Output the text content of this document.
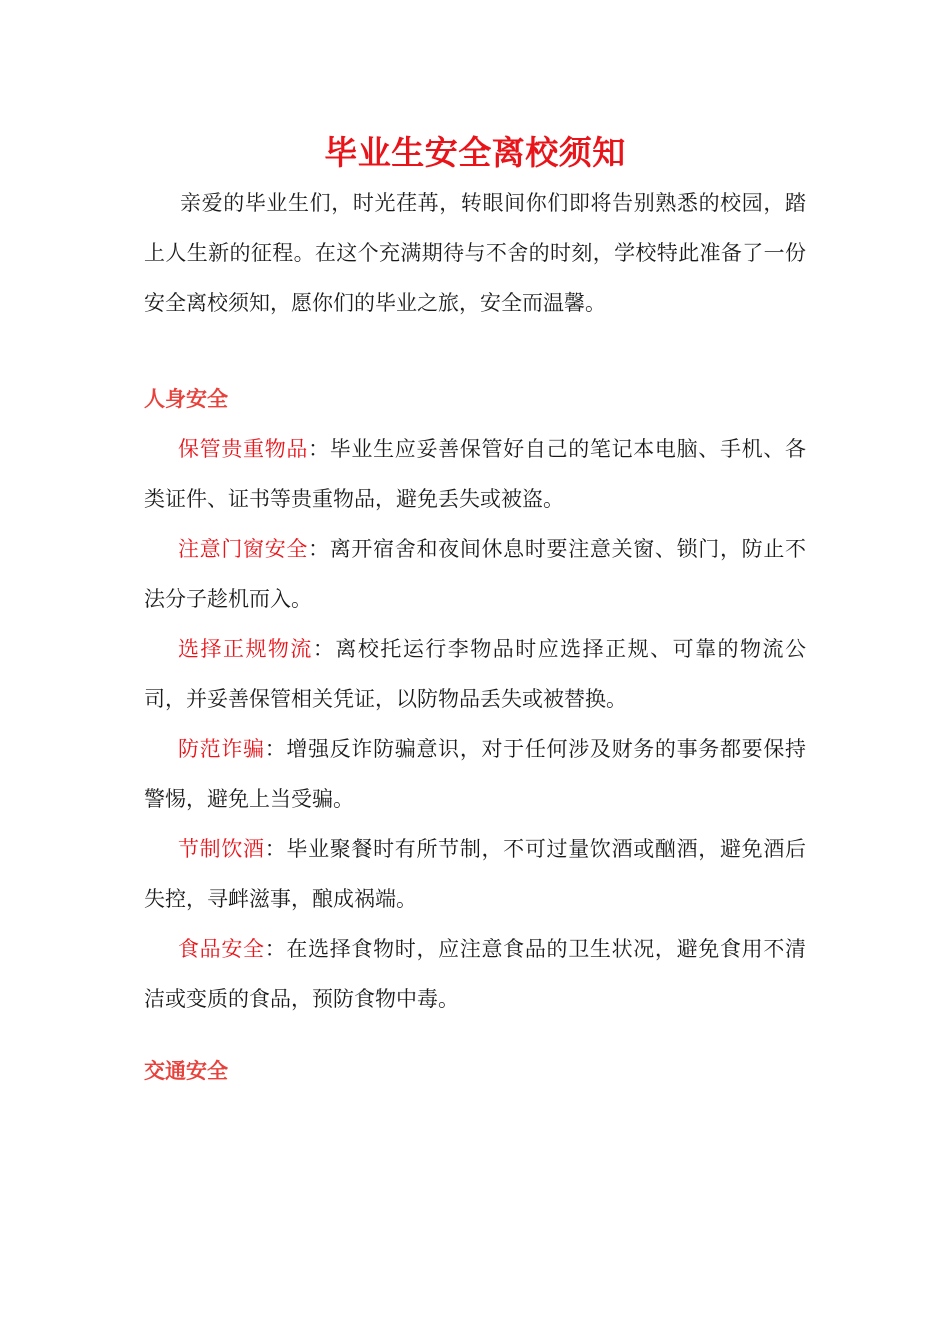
毕业生安全离校须知

亲爱的毕业生们，时光荏苒，转眼间你们即将告别熟悉的校园，踏上人生新的征程。在这个充满期待与不舍的时刻，学校特此准备了一份安全离校须知，愿你们的毕业之旅，安全而温馨。

人身安全
保管贵重物品：毕业生应妥善保管好自己的笔记本电脑、手机、各类证件、证书等贵重物品，避免丢失或被盗。
注意门窗安全：离开宿舍和夜间休息时要注意关窗、锁门，防止不法分子趁机而入。
选择正规物流：离校托运行李物品时应选择正规、可靠的物流公司，并妥善保管相关凭证，以防物品丢失或被替换。
防范诈骗：增强反诈防骗意识，对于任何涉及财务的事务都要保持警惕，避免上当受骗。
节制饮酒：毕业聚餐时有所节制，不可过量饮酒或酗酒，避免酒后失控，寻衅滋事，酿成祸端。
食品安全：在选择食物时，应注意食品的卫生状况，避免食用不清洁或变质的食品，预防食物中毒。
交通安全
